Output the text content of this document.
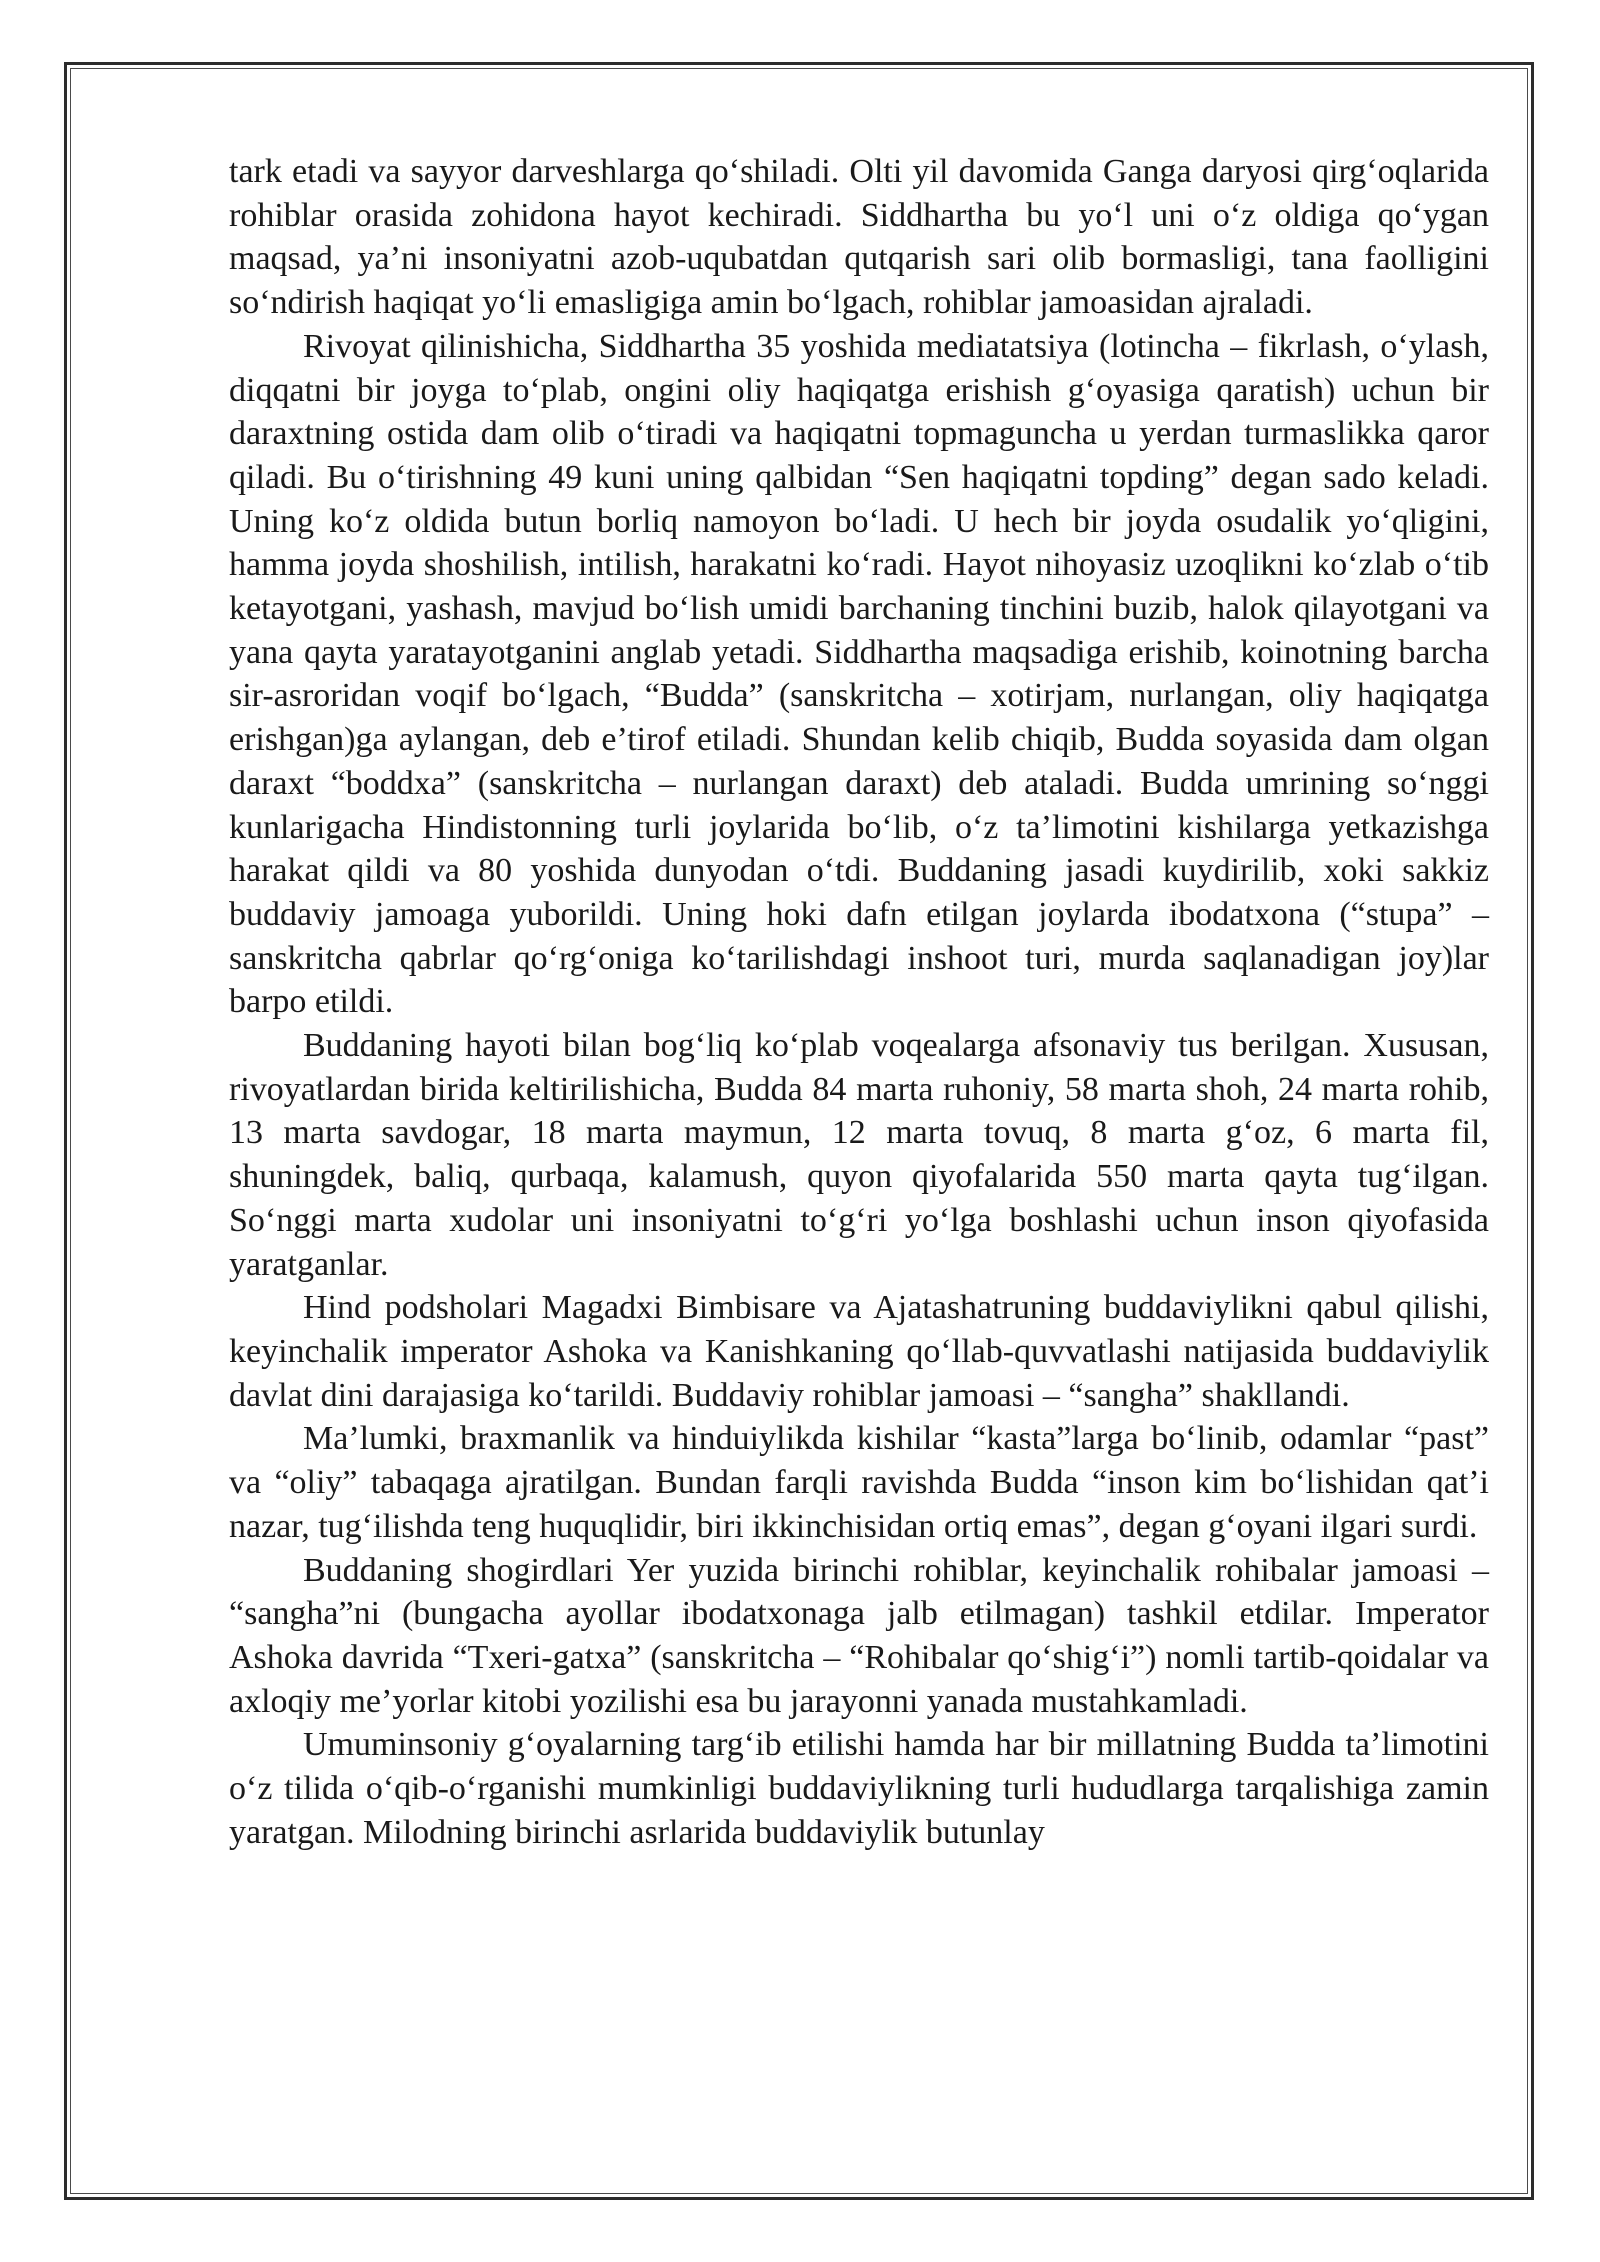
tark etadi va sayyor darveshlarga qo‘shiladi. Olti yil davomida Ganga daryosi qirg‘oqlarida rohiblar orasida zohidona hayot kechiradi. Siddhartha bu yo‘l uni o‘z oldiga qo‘ygan maqsad, ya’ni insoniyatni azob-uqubatdan qutqarish sari olib bormasligi, tana faolligini so‘ndirish haqiqat yo‘li emasligiga amin bo‘lgach, rohiblar jamoasidan ajraladi.

Rivoyat qilinishicha, Siddhartha 35 yoshida mediatatsiya (lotincha – fikrlash, o‘ylash, diqqatni bir joyga to‘plab, ongini oliy haqiqatga erishish g‘oyasiga qaratish) uchun bir daraxtning ostida dam olib o‘tiradi va haqiqatni topmaguncha u yerdan turmaslikka qaror qiladi. Bu o‘tirishning 49 kuni uning qalbidan “Sen haqiqatni topding” degan sado keladi. Uning ko‘z oldida butun borliq namoyon bo‘ladi. U hech bir joyda osudalik yo‘qligini, hamma joyda shoshilish, intilish, harakatni ko‘radi. Hayot nihoyasiz uzoqlikni ko‘zlab o‘tib ketayotgani, yashash, mavjud bo‘lish umidi barchaning tinchini buzib, halok qilayotgani va yana qayta yaratayotganini anglab yetadi. Siddhartha maqsadiga erishib, koinotning barcha sir-asroridan voqif bo‘lgach, “Budda” (sanskritcha – xotirjam, nurlangan, oliy haqiqatga erishgan)ga aylangan, deb e’tirof etiladi. Shundan kelib chiqib, Budda soyasida dam olgan daraxt “boddxa” (sanskritcha – nurlangan daraxt) deb ataladi. Budda umrining so‘nggi kunlarigacha Hindistonning turli joylarida bo‘lib, o‘z ta’limotini kishilarga yetkazishga harakat qildi va 80 yoshida dunyodan o‘tdi. Buddaning jasadi kuydirilib, xoki sakkiz buddaviy jamoaga yuborildi. Uning hoki dafn etilgan joylarda ibodatxona (“stupa” – sanskritcha qabrlar qo‘rg‘oniga ko‘tarilishdagi inshoot turi, murda saqlanadigan joy)lar barpo etildi.

Buddaning hayoti bilan bog‘liq ko‘plab voqealarga afsonaviy tus berilgan. Xususan, rivoyatlardan birida keltirilishicha, Budda 84 marta ruhoniy, 58 marta shoh, 24 marta rohib, 13 marta savdogar, 18 marta maymun, 12 marta tovuq, 8 marta g‘oz, 6 marta fil, shuningdek, baliq, qurbaqa, kalamush, quyon qiyofalarida 550 marta qayta tug‘ilgan. So‘nggi marta xudolar uni insoniyatni to‘g‘ri yo‘lga boshlashi uchun inson qiyofasida yaratganlar.

Hind podsholari Magadxi Bimbisare va Ajatashatruning buddaviylikni qabul qilishi, keyinchalik imperator Ashoka va Kanishkaning qo‘llab-quvvatlashi natijasida buddaviylik davlat dini darajasiga ko‘tarildi. Buddaviy rohiblar jamoasi – “sangha” shakllandi.

Ma’lumki, braxmanlik va hinduiylikda kishilar “kasta”larga bo‘linib, odamlar “past” va “oliy” tabaqaga ajratilgan. Bundan farqli ravishda Budda “inson kim bo‘lishidan qat’i nazar, tug‘ilishda teng huquqlidir, biri ikkinchisidan ortiq emas”, degan g‘oyani ilgari surdi.

Buddaning shogirdlari Yer yuzida birinchi rohiblar, keyinchalik rohibalar jamoasi – “sangha”ni (bungacha ayollar ibodatxonaga jalb etilmagan) tashkil etdilar. Imperator Ashoka davrida “Txeri-gatxa” (sanskritcha – “Rohibalar qo‘shig‘i”) nomli tartib-qoidalar va axloqiy me’yorlar kitobi yozilishi esa bu jarayonni yanada mustahkamladi.

Umuminsoniy g‘oyalarning targ‘ib etilishi hamda har bir millatning Budda ta’limotini o‘z tilida o‘qib-o‘rganishi mumkinligi buddaviylikning turli hududlarga tarqalishiga zamin yaratgan. Milodning birinchi asrlarida buddaviylik butunlay
